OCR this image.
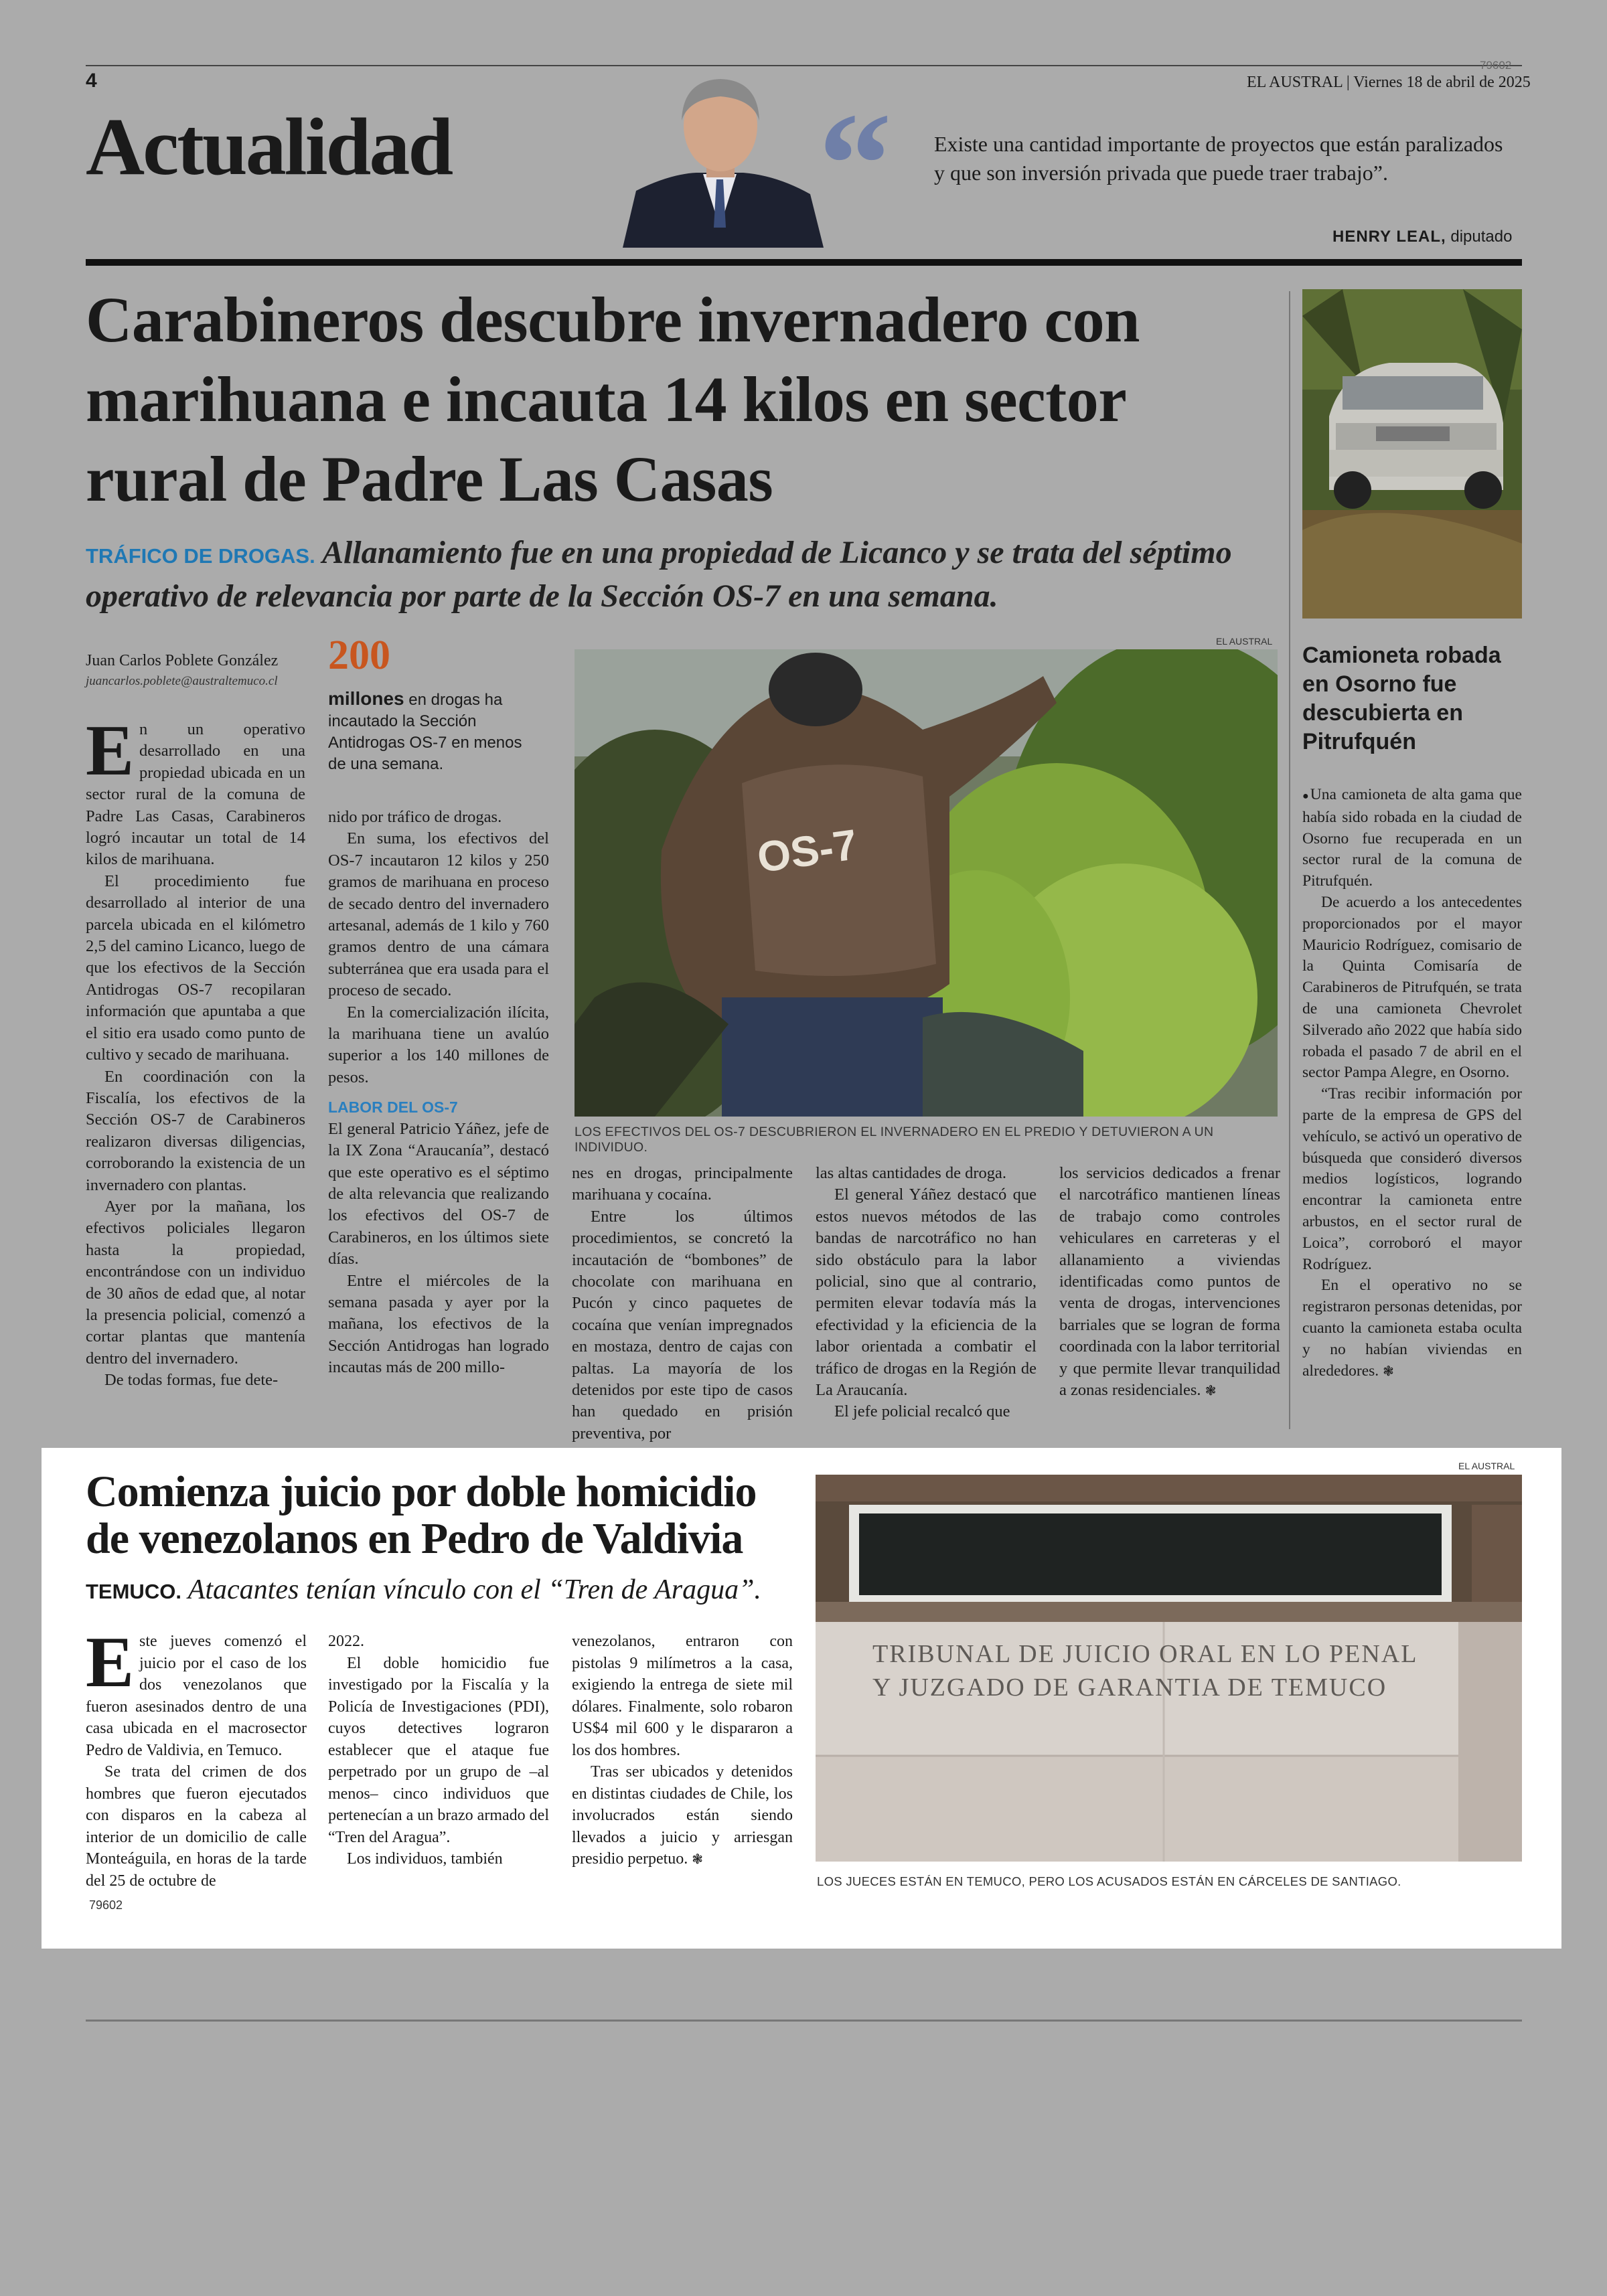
4
79602
EL AUSTRAL | Viernes 18 de abril de 2025
Actualidad “ Existe una cantidad importante de proyectos que están paralizados y que son inversión privada que puede traer trabajo”.
HENRY LEAL, diputado
Carabineros descubre invernadero con marihuana e incauta 14 kilos en sector rural de Padre Las Casas
TRÁFICO DE DROGAS. Allanamiento fue en una propiedad de Licanco y se trata del séptimo operativo de relevancia por parte de la Sección OS-7 en una semana.
Juan Carlos Poblete González
juancarlos.poblete@australtemuco.cl
200
millones en drogas ha incautado la Sección Antidrogas OS-7 en menos de una semana.
OS-7
EL AUSTRAL
LOS EFECTIVOS DEL OS-7 DESCUBRIERON EL INVERNADERO EN EL PREDIO Y DETUVIERON A UN INDIVIDUO.

En un operativo desarrollado en una propiedad ubicada en un sector rural de la comuna de Padre Las Casas, Carabineros logró incautar un total de 14 kilos de marihuana.

El procedimiento fue desarrollado al interior de una parcela ubicada en el kilómetro 2,5 del camino Licanco, luego de que los efectivos de la Sección Antidrogas OS-7 recopilaran información que apuntaba a que el sitio era usado como punto de cultivo y secado de marihuana.

En coordinación con la Fiscalía, los efectivos de la Sección OS-7 de Carabineros realizaron diversas diligencias, corroborando la existencia de un invernadero con plantas.

Ayer por la mañana, los efectivos policiales llegaron hasta la propiedad, encontrándose con un individuo de 30 años de edad que, al notar la presencia policial, comenzó a cortar plantas que mantenía dentro del invernadero.

De todas formas, fue dete-

nido por tráfico de drogas.

En suma, los efectivos del OS-7 incautaron 12 kilos y 250 gramos de marihuana en proceso de secado dentro del invernadero artesanal, además de 1 kilo y 760 gramos dentro de una cámara subterránea que era usada para el proceso de secado.

En la comercialización ilícita, la marihuana tiene un avalúo superior a los 140 millones de pesos.

LABOR DEL OS-7

El general Patricio Yáñez, jefe de la IX Zona “Araucanía”, destacó que este operativo es el séptimo de alta relevancia que realizando los efectivos del OS-7 de Carabineros, en los últimos siete días.

Entre el miércoles de la semana pasada y ayer por la mañana, los efectivos de la Sección Antidrogas han logrado incautas más de 200 millo-

nes en drogas, principalmente marihuana y cocaína.

Entre los últimos procedimientos, se concretó la incautación de “bombones” de chocolate con marihuana en Pucón y cinco paquetes de cocaína que venían impregnados en mostaza, dentro de cajas con paltas. La mayoría de los detenidos por este tipo de casos han quedado en prisión preventiva, por

las altas cantidades de droga.

El general Yáñez destacó que estos nuevos métodos de las bandas de narcotráfico no han sido obstáculo para la labor policial, sino que al contrario, permiten elevar todavía más la efectividad y la eficiencia de la labor orientada a combatir el tráfico de drogas en la Región de La Araucanía.

El jefe policial recalcó que

los servicios dedicados a frenar el narcotráfico mantienen líneas de trabajo como controles vehiculares en carreteras y el allanamiento a viviendas identificadas como puntos de venta de drogas, intervenciones barriales que se logran de forma coordinada con la labor territorial y que permite llevar tranquilidad a zonas residenciales. ❃

Camioneta robada en Osorno fue descubierta en Pitrufquén

●Una camioneta de alta gama que había sido robada en la ciudad de Osorno fue recuperada en un sector rural de la comuna de Pitrufquén.

De acuerdo a los antecedentes proporcionados por el mayor Mauricio Rodríguez, comisario de la Quinta Comisaría de Carabineros de Pitrufquén, se trata de una camioneta Chevrolet Silverado año 2022 que había sido robada el pasado 7 de abril en el sector Pampa Alegre, en Osorno.

“Tras recibir información por parte de la empresa de GPS del vehículo, se activó un operativo de búsqueda que consideró diversos medios logísticos, logrando encontrar la camioneta entre arbustos, en el sector rural de Loica”, corroboró el mayor Rodríguez.

En el operativo no se registraron personas detenidas, por cuanto la camioneta estaba oculta y no habían viviendas en alrededores. ❃

Comienza juicio por doble homicidio de venezolanos en Pedro de Valdivia
TEMUCO. Atacantes tenían vínculo con el “Tren de Aragua”.

Este jueves comenzó el juicio por el caso de los dos venezolanos que fueron asesinados dentro de una casa ubicada en el macrosector Pedro de Valdivia, en Temuco.

Se trata del crimen de dos hombres que fueron ejecutados con disparos en la cabeza al interior de un domicilio de calle Monteáguila, en horas de la tarde del 25 de octubre de

79602

2022.

El doble homicidio fue investigado por la Fiscalía y la Policía de Investigaciones (PDI), cuyos detectives lograron establecer que el ataque fue perpetrado por un grupo de –al menos– cinco individuos que pertenecían a un brazo armado del “Tren del Aragua”.

Los individuos, también

venezolanos, entraron con pistolas 9 milímetros a la casa, exigiendo la entrega de siete mil dólares. Finalmente, solo robaron US$4 mil 600 y le dispararon a los dos hombres.

Tras ser ubicados y detenidos en distintas ciudades de Chile, los involucrados están siendo llevados a juicio y arriesgan presidio perpetuo. ❃

EL AUSTRAL
TRIBUNAL DE JUICIO ORAL EN LO PENAL
Y JUZGADO DE GARANTIA DE TEMUCO
LOS JUECES ESTÁN EN TEMUCO, PERO LOS ACUSADOS ESTÁN EN CÁRCELES DE SANTIAGO.
